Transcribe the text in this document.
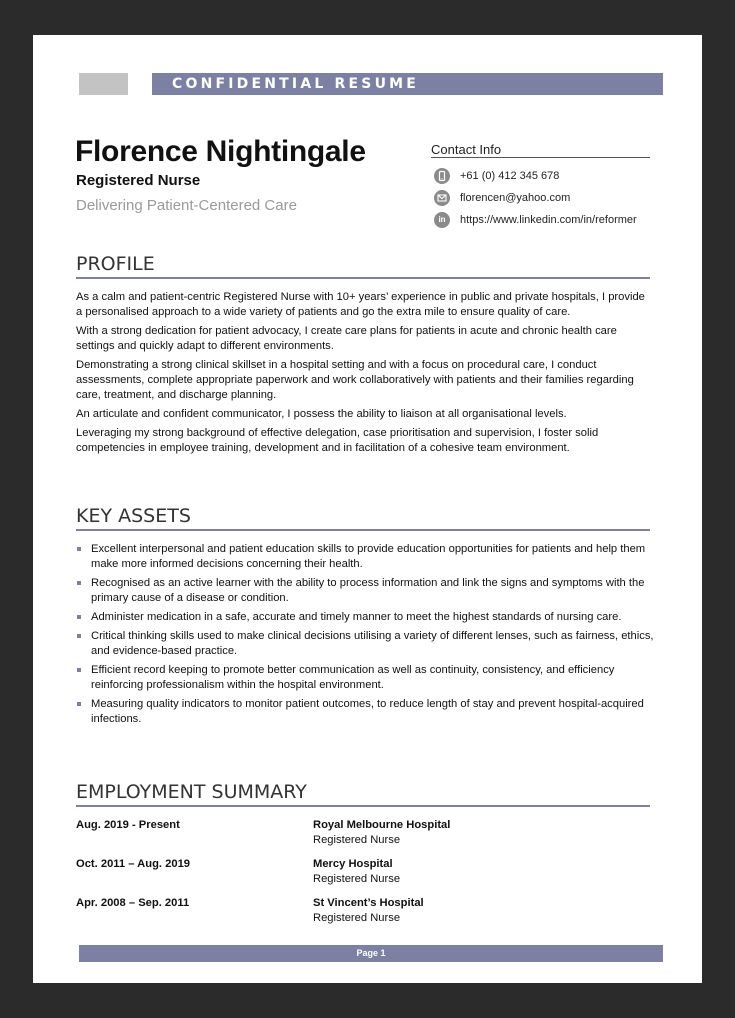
CONFIDENTIAL RESUME
Florence Nightingale
Registered Nurse
Delivering Patient-Centered Care
Contact Info
+61 (0) 412 345 678
florencen@yahoo.com
in	https://www.linkedin.com/in/reformer
PROFILE

As a calm and patient-centric Registered Nurse with 10+ years’ experience in public and private hospitals, I provide a personalised approach to a wide variety of patients and go the extra mile to ensure quality of care.

With a strong dedication for patient advocacy, I create care plans for patients in acute and chronic health care settings and quickly adapt to different environments.

Demonstrating a strong clinical skillset in a hospital setting and with a focus on procedural care, I conduct assessments, complete appropriate paperwork and work collaboratively with patients and their families regarding care, treatment, and discharge planning.

An articulate and confident communicator, I possess the ability to liaison at all organisational levels.

Leveraging my strong background of effective delegation, case prioritisation and supervision, I foster solid competencies in employee training, development and in facilitation of a cohesive team environment.

KEY ASSETS
Excellent interpersonal and patient education skills to provide education opportunities for patients and help them make more informed decisions concerning their health.
Recognised as an active learner with the ability to process information and link the signs and symptoms with the primary cause of a disease or condition.
Administer medication in a safe, accurate and timely manner to meet the highest standards of nursing care.
Critical thinking skills used to make clinical decisions utilising a variety of different lenses, such as fairness, ethics, and evidence-based practice.
Efficient record keeping to promote better communication as well as continuity, consistency, and efficiency reinforcing professionalism within the hospital environment.
Measuring quality indicators to monitor patient outcomes, to reduce length of stay and prevent hospital-acquired infections.
EMPLOYMENT SUMMARY
Aug. 2019 - Present	Royal Melbourne Hospital
Registered Nurse
Oct. 2011 – Aug. 2019	Mercy Hospital
Registered Nurse
Apr. 2008 – Sep. 2011	St Vincent’s Hospital
Registered Nurse
Page 1
